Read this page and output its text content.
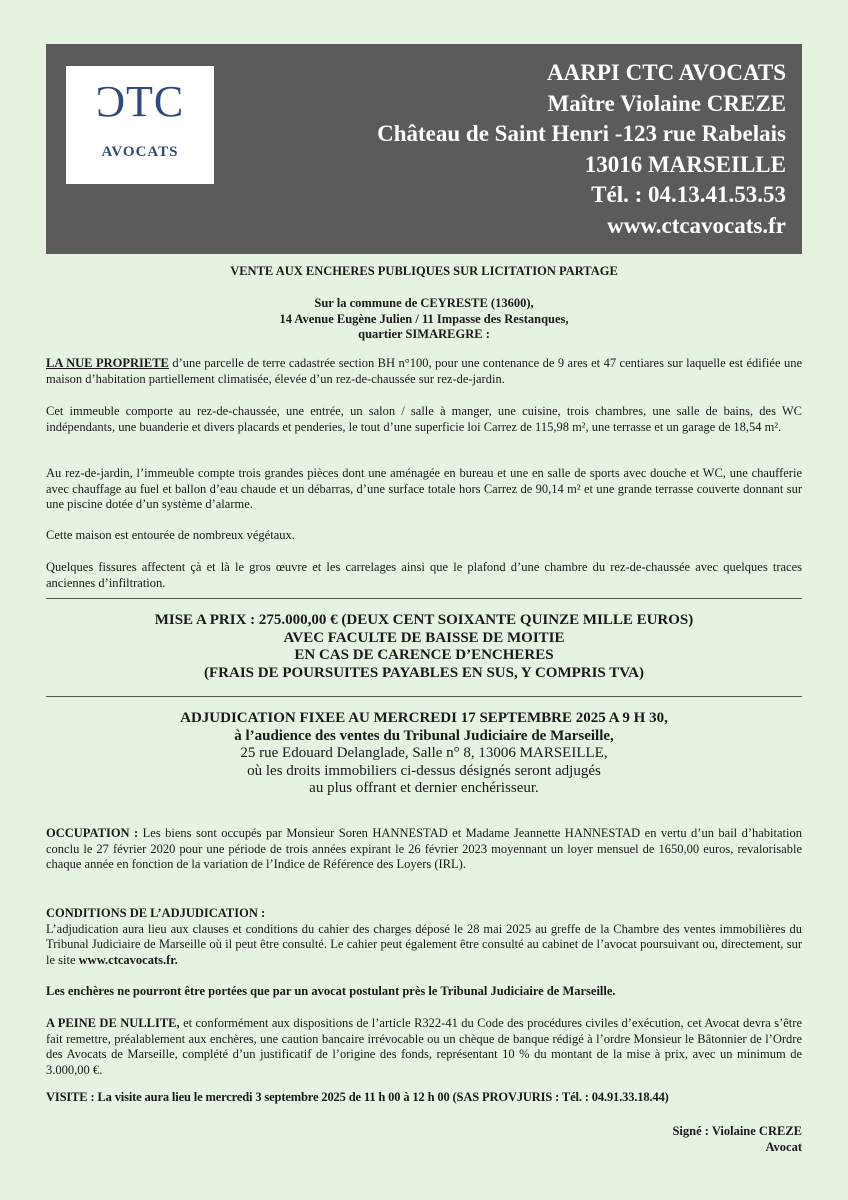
ƆTC
AVOCATS
AARPI CTC AVOCATS
Maître Violaine CREZE
Château de Saint Henri -123 rue Rabelais
13016 MARSEILLE
Tél. : 04.13.41.53.53
www.ctcavocats.fr
VENTE AUX ENCHERES PUBLIQUES SUR LICITATION PARTAGE

Sur la commune de CEYRESTE (13600),

14 Avenue Eugène Julien / 11 Impasse des Restanques,

quartier SIMAREGRE :

LA NUE PROPRIETE d’une parcelle de terre cadastrée section BH n°100, pour une contenance de 9 ares et 47 centiares sur laquelle est édifiée une maison d’habitation partiellement climatisée, élevée d’un rez-de-chaussée sur rez-de-jardin.

Cet immeuble comporte au rez-de-chaussée, une entrée, un salon / salle à manger, une cuisine, trois chambres, une salle de bains, des WC indépendants, une buanderie et divers placards et penderies, le tout d’une superficie loi Carrez de 115,98 m², une terrasse et un garage de 18,54 m².
Au rez-de-jardin, l’immeuble compte trois grandes pièces dont une aménagée en bureau et une en salle de sports avec douche et WC, une chaufferie avec chauffage au fuel et ballon d’eau chaude et un débarras, d’une surface totale hors Carrez de 90,14 m² et une grande terrasse couverte donnant sur une piscine dotée d’un système d’alarme.
Cette maison est entourée de nombreux végétaux.
Quelques fissures affectent çà et là le gros œuvre et les carrelages ainsi que le plafond d’une chambre du rez-de-chaussée avec quelques traces anciennes d’infiltration.

MISE A PRIX : 275.000,00 € (DEUX CENT SOIXANTE QUINZE MILLE EUROS)

AVEC FACULTE DE BAISSE DE MOITIE

EN CAS DE CARENCE D’ENCHERES

(FRAIS DE POURSUITES PAYABLES EN SUS, Y COMPRIS TVA)

ADJUDICATION FIXEE AU MERCREDI 17 SEPTEMBRE 2025 A 9 H 30,

à l’audience des ventes du Tribunal Judiciaire de Marseille,

25 rue Edouard Delanglade, Salle n° 8, 13006 MARSEILLE,

où les droits immobiliers ci-dessus désignés seront adjugés

au plus offrant et dernier enchérisseur.

OCCUPATION : Les biens sont occupés par Monsieur Soren HANNESTAD et Madame Jeannette HANNESTAD en vertu d’un bail d’habitation conclu le 27 février 2020 pour une période de trois années expirant le 26 février 2023 moyennant un loyer mensuel de 1650,00 euros, revalorisable chaque année en fonction de la variation de l’Indice de Référence des Loyers (IRL).

CONDITIONS DE L’ADJUDICATION :

L’adjudication aura lieu aux clauses et conditions du cahier des charges déposé le 28 mai 2025 au greffe de la Chambre des ventes immobilières du Tribunal Judiciaire de Marseille où il peut être consulté. Le cahier peut également être consulté au cabinet de l’avocat poursuivant ou, directement, sur le site www.ctcavocats.fr.

Les enchères ne pourront être portées que par un avocat postulant près le Tribunal Judiciaire de Marseille.

A PEINE DE NULLITE, et conformément aux dispositions de l’article R322-41 du Code des procédures civiles d’exécution, cet Avocat devra s’être fait remettre, préalablement aux enchères, une caution bancaire irrévocable ou un chèque de banque rédigé à l’ordre Monsieur le Bâtonnier de l’Ordre des Avocats de Marseille, complété d’un justificatif de l’origine des fonds, représentant 10 % du montant de la mise à prix, avec un minimum de 3.000,00 €.

VISITE : La visite aura lieu le mercredi 3 septembre 2025 de 11 h 00 à 12 h 00 (SAS PROVJURIS : Tél. : 04.91.33.18.44)

Signé : Violaine CREZE

Avocat
